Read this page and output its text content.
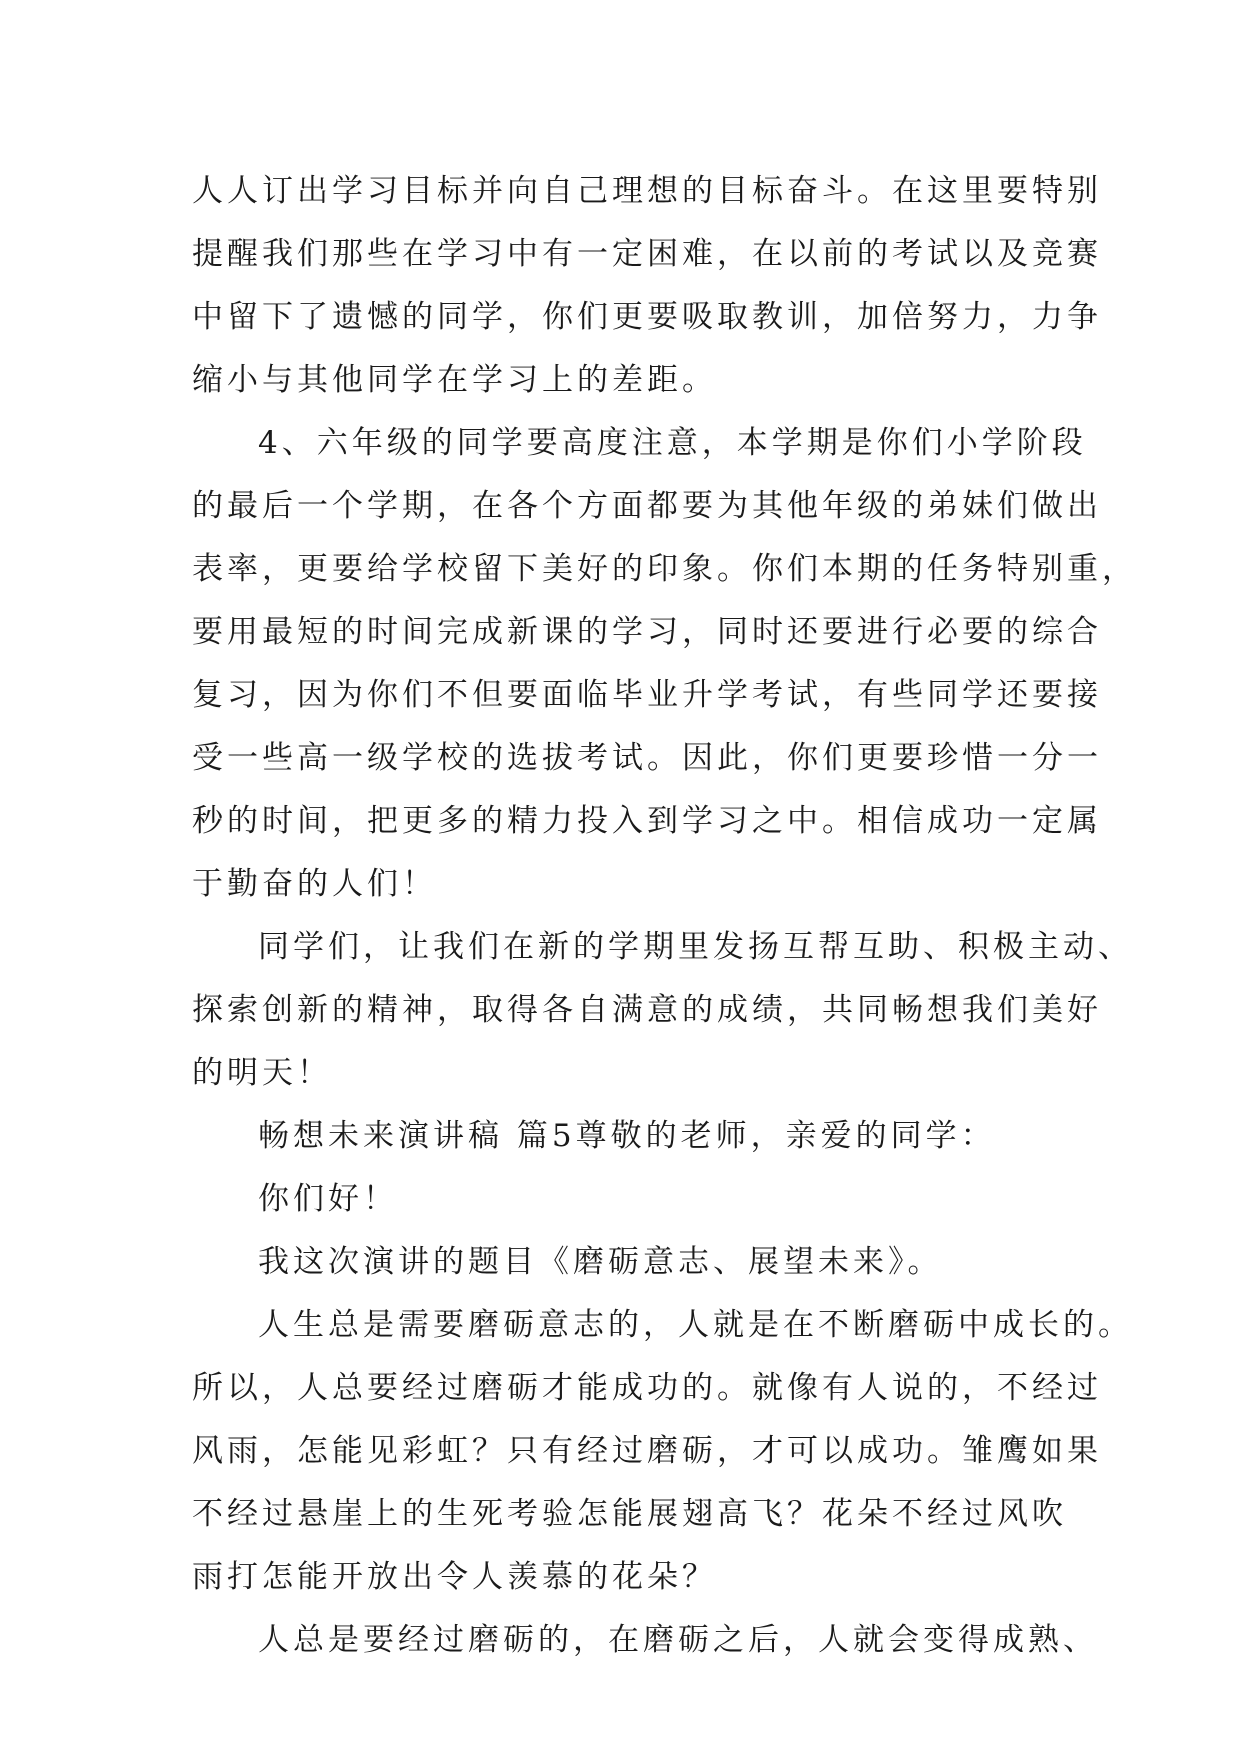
人人订出学习目标并向自己理想的目标奋斗。在这里要特别
提醒我们那些在学习中有一定困难，在以前的考试以及竞赛
中留下了遗憾的同学，你们更要吸取教训，加倍努力，力争
缩小与其他同学在学习上的差距。
4、六年级的同学要高度注意，本学期是你们小学阶段
的最后一个学期，在各个方面都要为其他年级的弟妹们做出
表率，更要给学校留下美好的印象。你们本期的任务特别重，
要用最短的时间完成新课的学习，同时还要进行必要的综合
复习，因为你们不但要面临毕业升学考试，有些同学还要接
受一些高一级学校的选拔考试。因此，你们更要珍惜一分一
秒的时间，把更多的精力投入到学习之中。相信成功一定属
于勤奋的人们！
同学们，让我们在新的学期里发扬互帮互助、积极主动、
探索创新的精神，取得各自满意的成绩，共同畅想我们美好
的明天！
畅想未来演讲稿 篇5尊敬的老师，亲爱的同学：
你们好！
我这次演讲的题目《磨砺意志、展望未来》。
人生总是需要磨砺意志的，人就是在不断磨砺中成长的。
所以，人总要经过磨砺才能成功的。就像有人说的，不经过
风雨，怎能见彩虹？只有经过磨砺，才可以成功。雏鹰如果
不经过悬崖上的生死考验怎能展翅高飞？花朵不经过风吹
雨打怎能开放出令人羡慕的花朵？
人总是要经过磨砺的，在磨砺之后，人就会变得成熟、
